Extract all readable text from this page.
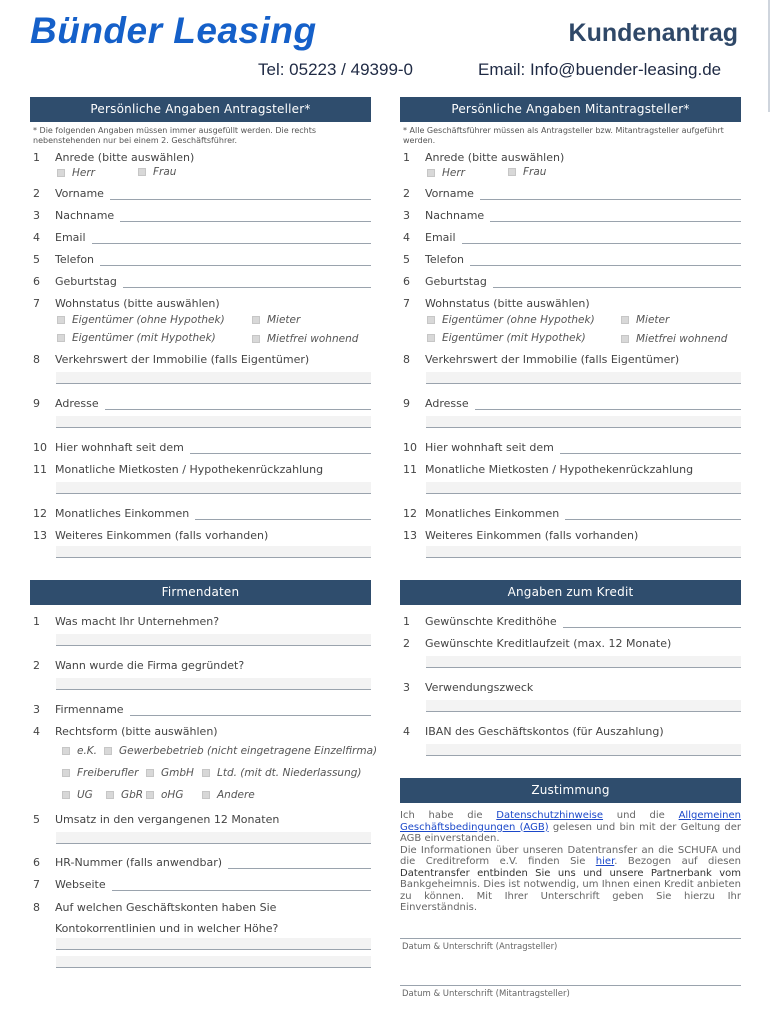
Bünder Leasing	Kundenantrag
Tel: 05223 / 49399-0	Email: Info@buender-leasing.de
Persönliche Angaben Antragsteller*	Persönliche Angaben Mitantragsteller*
* Die folgenden Angaben müssen immer ausgefüllt werden. Die rechts nebenstehenden nur bei einem 2. Geschäftsführer.
* Alle Geschäftsführer müssen als Antragsteller bzw. Mitantragsteller aufgeführt werden.
1	Anrede (bitte auswählen)
Herr	Frau
2	Vorname
3	Nachname
4	Email
5	Telefon
6	Geburtstag
7	Wohnstatus (bitte auswählen)
Eigentümer (ohne Hypothek)	Mieter
Eigentümer (mit Hypothek)	Mietfrei wohnend
8	Verkehrswert der Immobilie (falls Eigentümer)
9	Adresse
10 Hier wohnhaft seit dem
11 Monatliche Mietkosten / Hypothekenrückzahlung
12 Monatliches Einkommen
13 Weiteres Einkommen (falls vorhanden)
1	Anrede (bitte auswählen)
Herr	Frau
2	Vorname
3	Nachname
4	Email
5	Telefon
6	Geburtstag
7	Wohnstatus (bitte auswählen)
Eigentümer (ohne Hypothek)	Mieter
Eigentümer (mit Hypothek)	Mietfrei wohnend
8	Verkehrswert der Immobilie (falls Eigentümer)
9	Adresse
10 Hier wohnhaft seit dem
11 Monatliche Mietkosten / Hypothekenrückzahlung
12 Monatliches Einkommen
13 Weiteres Einkommen (falls vorhanden)
Firmendaten
1	Was macht Ihr Unternehmen?
2	Wann wurde die Firma gegründet?
3	Firmenname
4	Rechtsform (bitte auswählen)
e.K. Gewerbebetrieb (nicht eingetragene Einzelfirma)
Freiberufler GmbH Ltd. (mit dt. Niederlassung)
UG	GbR oHG	Andere
5	Umsatz in den vergangenen 12 Monaten
6	HR-Nummer (falls anwendbar)
7	Webseite
8	Auf welchen Geschäftskonten haben Sie
Kontokorrentlinien und in welcher Höhe?
Angaben zum Kredit
1	Gewünschte Kredithöhe
2	Gewünschte Kreditlaufzeit (max. 12 Monate)
3	Verwendungszweck
4	IBAN des Geschäftskontos (für Auszahlung)
Zustimmung
Ich habe die Datenschutzhinweise und die Allgemeinen Geschäftsbedingungen (AGB) gelesen und bin mit der Geltung der AGB einverstanden.
Die Informationen über unseren Datentransfer an die SCHUFA und die Creditreform e.V. finden Sie hier. Bezogen auf diesen Datentransfer entbinden Sie uns und unsere Partnerbank vom Bankgeheimnis. Dies ist notwendig, um Ihnen einen Kredit anbieten zu können. Mit Ihrer Unterschrift geben Sie hierzu Ihr Einverständnis.
Datum & Unterschrift (Antragsteller)
Datum & Unterschrift (Mitantragsteller)
